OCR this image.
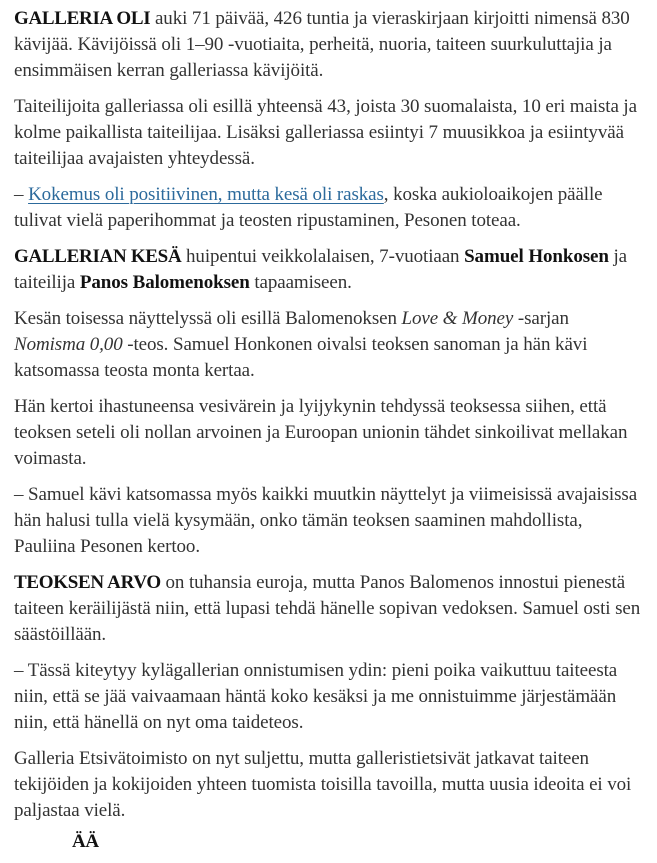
GALLERIA OLI auki 71 päivää, 426 tuntia ja vieraskirjaan kirjoitti nimensä 830 kävijää. Kävijöissä oli 1–90 -vuotiaita, perheitä, nuoria, taiteen suurkuluttajia ja ensimmäisen kerran galleriassa kävijöitä.

Taiteilijoita galleriassa oli esillä yhteensä 43, joista 30 suomalaista, 10 eri maista ja kolme paikallista taiteilijaa. Lisäksi galleriassa esiintyi 7 muusikkoa ja esiintyvää taiteilijaa avajaisten yhteydessä.

– Kokemus oli positiivinen, mutta kesä oli raskas, koska aukioloaikojen päälle tulivat vielä paperihommat ja teosten ripustaminen, Pesonen toteaa.

GALLERIAN KESÄ huipentui veikkolalaisen, 7-vuotiaan Samuel Honkosen ja taiteilija Panos Balomenoksen tapaamiseen.

Kesän toisessa näyttelyssä oli esillä Balomenoksen Love & Money -sarjan Nomisma 0,00 -teos. Samuel Honkonen oivalsi teoksen sanoman ja hän kävi katsomassa teosta monta kertaa.

Hän kertoi ihastuneensa vesivärein ja lyijykynin tehdyssä teoksessa siihen, että teoksen seteli oli nollan arvoinen ja Euroopan unionin tähdet sinkoilivat mellakan voimasta.

– Samuel kävi katsomassa myös kaikki muutkin näyttelyt ja viimeisissä avajaisissa hän halusi tulla vielä kysymään, onko tämän teoksen saaminen mahdollista, Pauliina Pesonen kertoo.

TEOKSEN ARVO on tuhansia euroja, mutta Panos Balomenos innostui pienestä taiteen keräilijästä niin, että lupasi tehdä hänelle sopivan vedoksen. Samuel osti sen säästöillään.

– Tässä kiteytyy kylägallerian onnistumisen ydin: pieni poika vaikuttuu taiteesta niin, että se jää vaivaamaan häntä koko kesäksi ja me onnistuimme järjestämään niin, että hänellä on nyt oma taideteos.

Galleria Etsivätoimisto on nyt suljettu, mutta galleristietsivät jatkavat taiteen tekijöiden ja kokijoiden yhteen tuomista toisilla tavoilla, mutta uusia ideoita ei voi paljastaa vielä.

ÄÄ
